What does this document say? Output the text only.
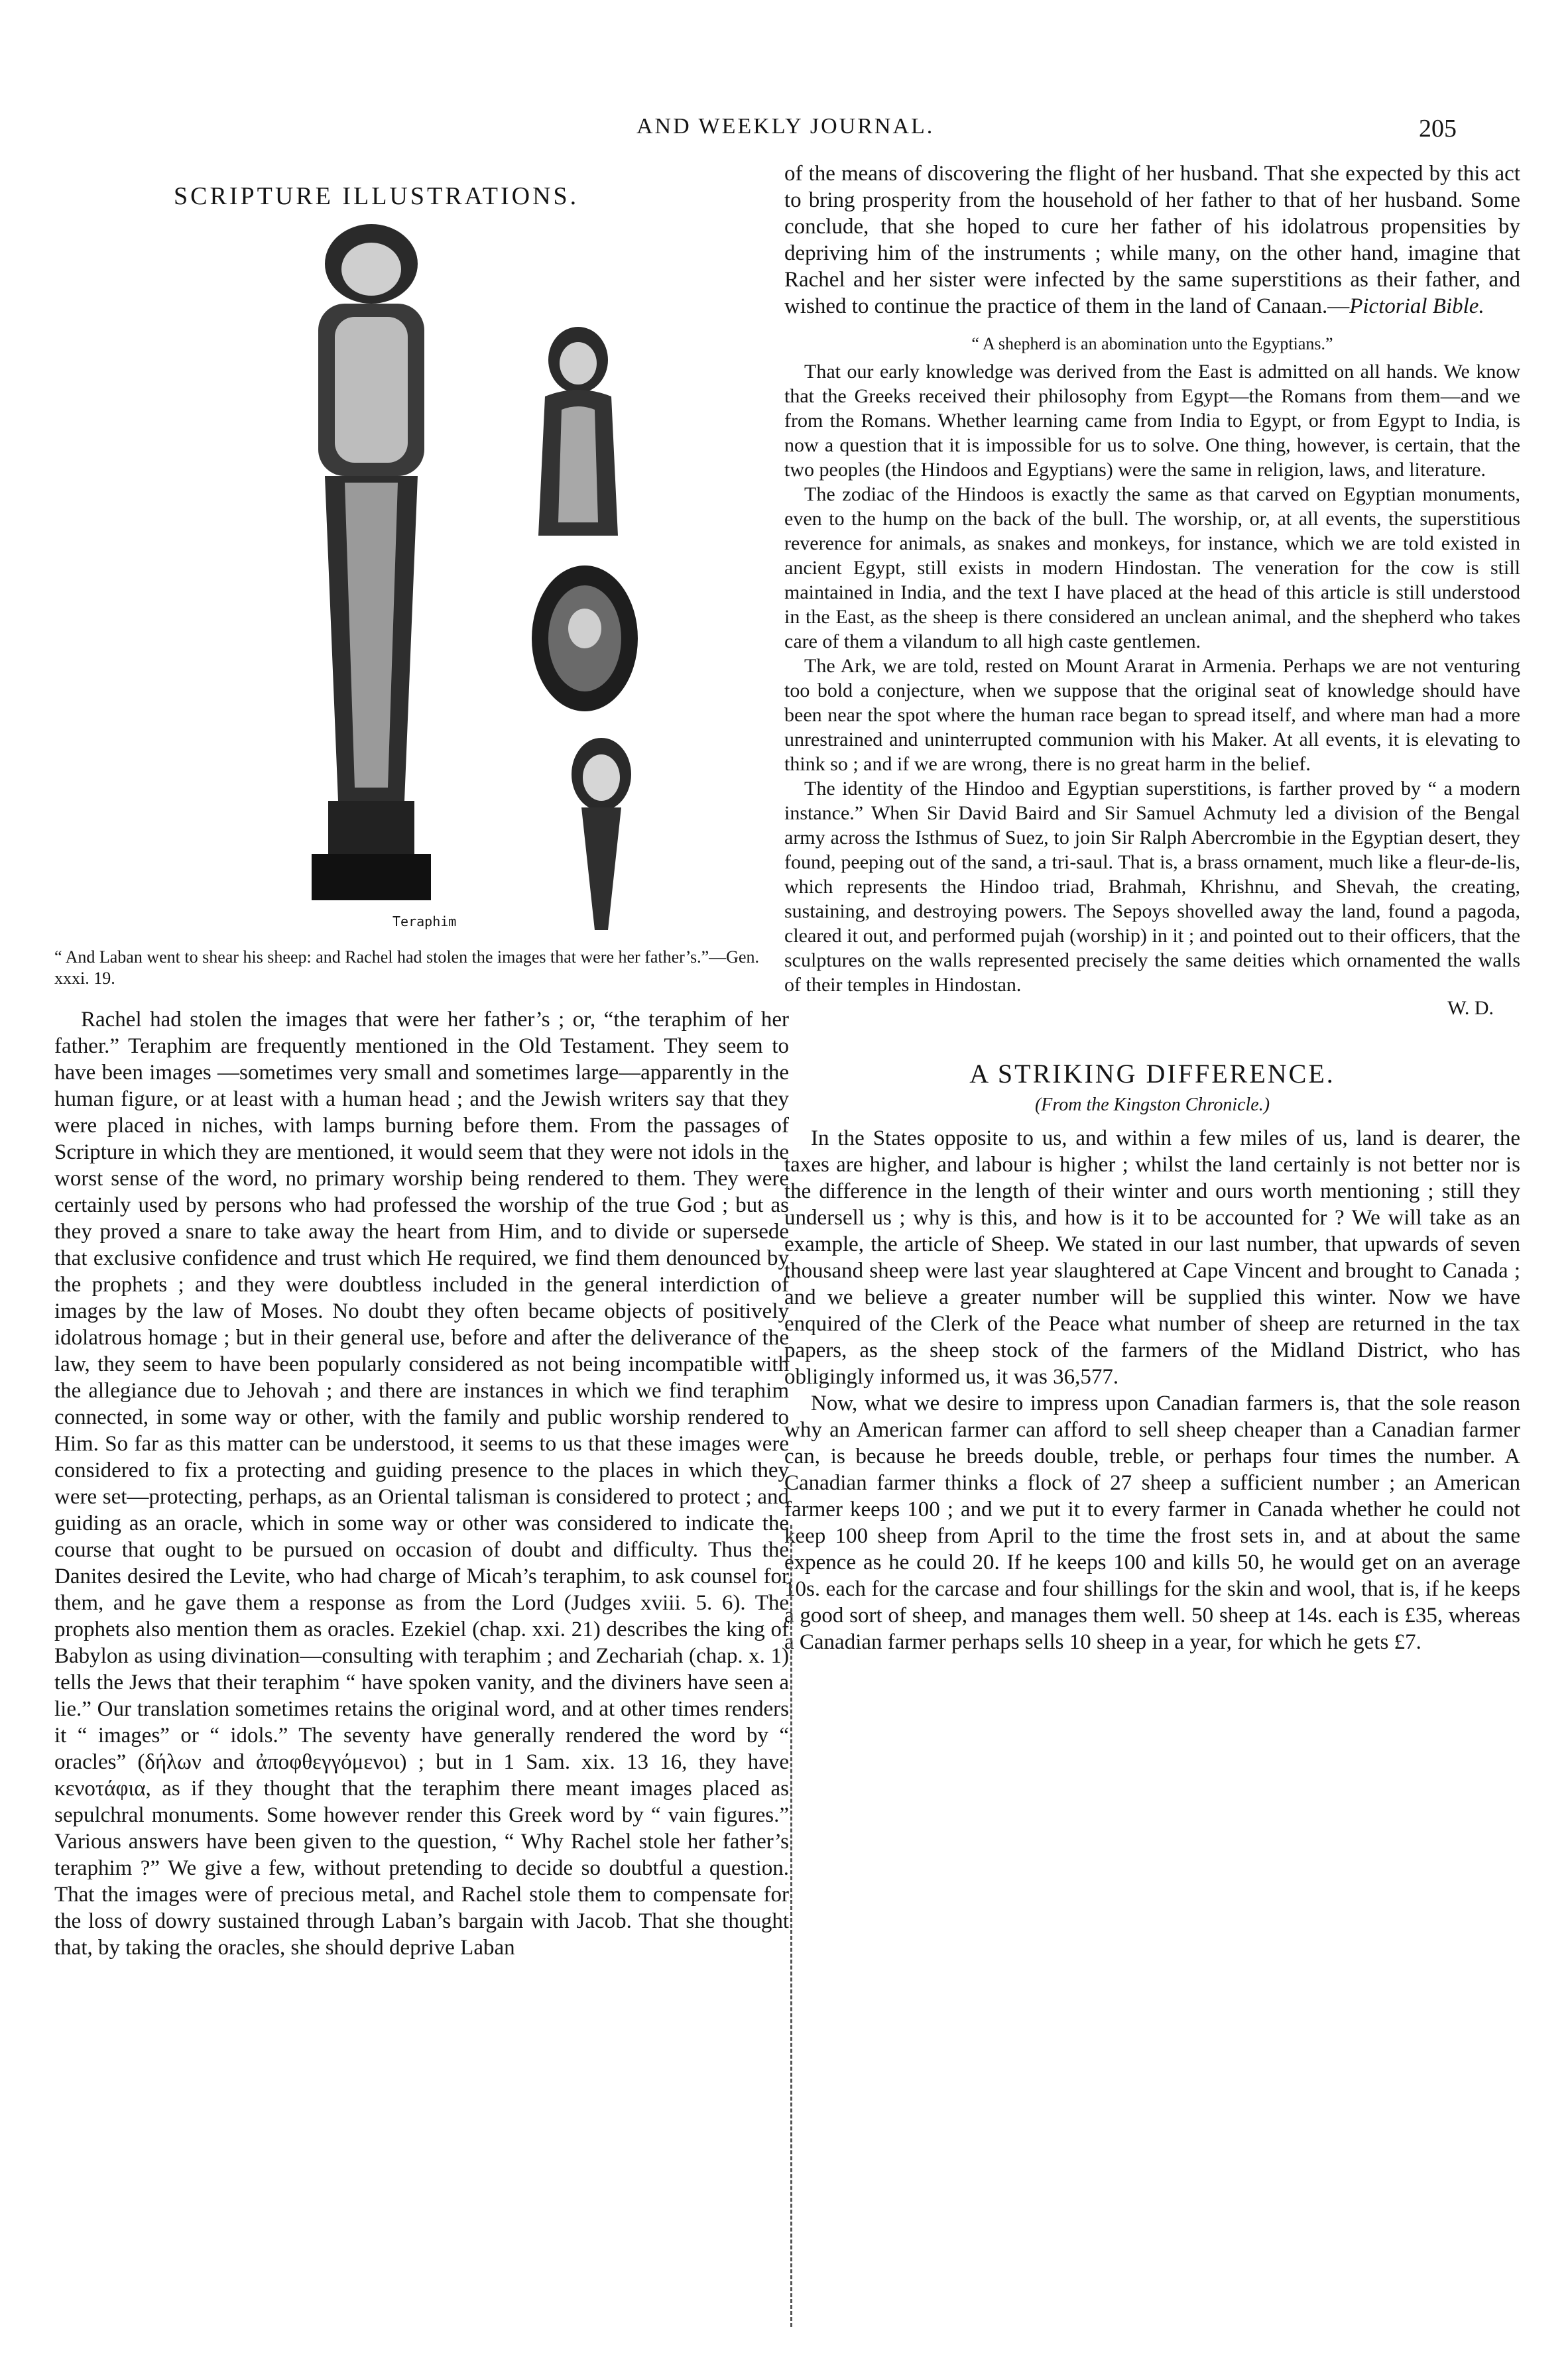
AND WEEKLY JOURNAL.	205
SCRIPTURE ILLUSTRATIONS.
Teraphim

“ And Laban went to shear his sheep: and Rachel had stolen the images that were her father’s.”—Gen. xxxi. 19.

Rachel had stolen the images that were her father’s ; or, “the teraphim of her father.” Teraphim are frequently mentioned in the Old Testament. They seem to have been images —sometimes very small and sometimes large—apparently in the human figure, or at least with a human head ; and the Jewish writers say that they were placed in niches, with lamps burning before them. From the passages of Scripture in which they are mentioned, it would seem that they were not idols in the worst sense of the word, no primary worship being rendered to them. They were certainly used by persons who had professed the worship of the true God ; but as they proved a snare to take away the heart from Him, and to divide or supersede that exclusive confidence and trust which He required, we find them denounced by the prophets ; and they were doubtless included in the general interdiction of images by the law of Moses. No doubt they often became objects of positively idolatrous homage ; but in their general use, before and after the deliverance of the law, they seem to have been popularly considered as not being incompatible with the allegiance due to Jehovah ; and there are instances in which we find teraphim connected, in some way or other, with the family and public worship rendered to Him. So far as this matter can be understood, it seems to us that these images were considered to fix a protecting and guiding presence to the places in which they were set—protecting, perhaps, as an Oriental talisman is considered to protect ; and guiding as an oracle, which in some way or other was considered to indicate the course that ought to be pursued on occasion of doubt and difficulty. Thus the Danites desired the Levite, who had charge of Micah’s teraphim, to ask counsel for them, and he gave them a response as from the Lord (Judges xviii. 5. 6). The prophets also mention them as oracles. Ezekiel (chap. xxi. 21) describes the king of Babylon as using divination—consulting with teraphim ; and Zechariah (chap. x. 1) tells the Jews that their teraphim “ have spoken vanity, and the diviners have seen a lie.” Our translation sometimes retains the original word, and at other times renders it “ images” or “ idols.” The seventy have generally rendered the word by “ oracles” (δήλων and ἀποφθεγγόμενοι) ; but in 1 Sam. xix. 13 16, they have κενοτάφια, as if they thought that the teraphim there meant images placed as sepulchral monuments. Some however render this Greek word by “ vain figures.” Various answers have been given to the question, “ Why Rachel stole her father’s teraphim ?” We give a few, without pretending to decide so doubtful a question. That the images were of precious metal, and Rachel stole them to compensate for the loss of dowry sustained through Laban’s bargain with Jacob. That she thought that, by taking the oracles, she should deprive Laban

of the means of discovering the flight of her husband. That she expected by this act to bring prosperity from the household of her father to that of her husband. Some conclude, that she hoped to cure her father of his idolatrous propensities by depriving him of the instruments ; while many, on the other hand, imagine that Rachel and her sister were infected by the same superstitions as their father, and wished to continue the practice of them in the land of Canaan.—Pictorial Bible.

“ A shepherd is an abomination unto the Egyptians.”

That our early knowledge was derived from the East is admitted on all hands. We know that the Greeks received their philosophy from Egypt—the Romans from them—and we from the Romans. Whether learning came from India to Egypt, or from Egypt to India, is now a question that it is impossible for us to solve. One thing, however, is certain, that the two peoples (the Hindoos and Egyptians) were the same in religion, laws, and literature.

The zodiac of the Hindoos is exactly the same as that carved on Egyptian monuments, even to the hump on the back of the bull. The worship, or, at all events, the superstitious reverence for animals, as snakes and monkeys, for instance, which we are told existed in ancient Egypt, still exists in modern Hindostan. The veneration for the cow is still maintained in India, and the text I have placed at the head of this article is still understood in the East, as the sheep is there considered an unclean animal, and the shepherd who takes care of them a vilandum to all high caste gentlemen.

The Ark, we are told, rested on Mount Ararat in Armenia. Perhaps we are not venturing too bold a conjecture, when we suppose that the original seat of knowledge should have been near the spot where the human race began to spread itself, and where man had a more unrestrained and uninterrupted communion with his Maker. At all events, it is elevating to think so ; and if we are wrong, there is no great harm in the belief.

The identity of the Hindoo and Egyptian superstitions, is farther proved by “ a modern instance.” When Sir David Baird and Sir Samuel Achmuty led a division of the Bengal army across the Isthmus of Suez, to join Sir Ralph Abercrombie in the Egyptian desert, they found, peeping out of the sand, a tri-saul. That is, a brass ornament, much like a fleur-de-lis, which represents the Hindoo triad, Brahmah, Khrishnu, and Shevah, the creating, sustaining, and destroying powers. The Sepoys shovelled away the land, found a pagoda, cleared it out, and performed pujah (worship) in it ; and pointed out to their officers, that the sculptures on the walls represented precisely the same deities which ornamented the walls of their temples in Hindostan.

W. D.
A STRIKING DIFFERENCE.

(From the Kingston Chronicle.)

In the States opposite to us, and within a few miles of us, land is dearer, the taxes are higher, and labour is higher ; whilst the land certainly is not better nor is the difference in the length of their winter and ours worth mentioning ; still they undersell us ; why is this, and how is it to be accounted for ? We will take as an example, the article of Sheep. We stated in our last number, that upwards of seven thousand sheep were last year slaughtered at Cape Vincent and brought to Canada ; and we believe a greater number will be supplied this winter. Now we have enquired of the Clerk of the Peace what number of sheep are returned in the tax papers, as the sheep stock of the farmers of the Midland District, who has obligingly informed us, it was 36,577.

Now, what we desire to impress upon Canadian farmers is, that the sole reason why an American farmer can afford to sell sheep cheaper than a Canadian farmer can, is because he breeds double, treble, or perhaps four times the number. A Canadian farmer thinks a flock of 27 sheep a sufficient number ; an American farmer keeps 100 ; and we put it to every farmer in Canada whether he could not keep 100 sheep from April to the time the frost sets in, and at about the same expence as he could 20. If he keeps 100 and kills 50, he would get on an average 10s. each for the carcase and four shillings for the skin and wool, that is, if he keeps a good sort of sheep, and manages them well. 50 sheep at 14s. each is £35, whereas a Canadian farmer perhaps sells 10 sheep in a year, for which he gets £7.
